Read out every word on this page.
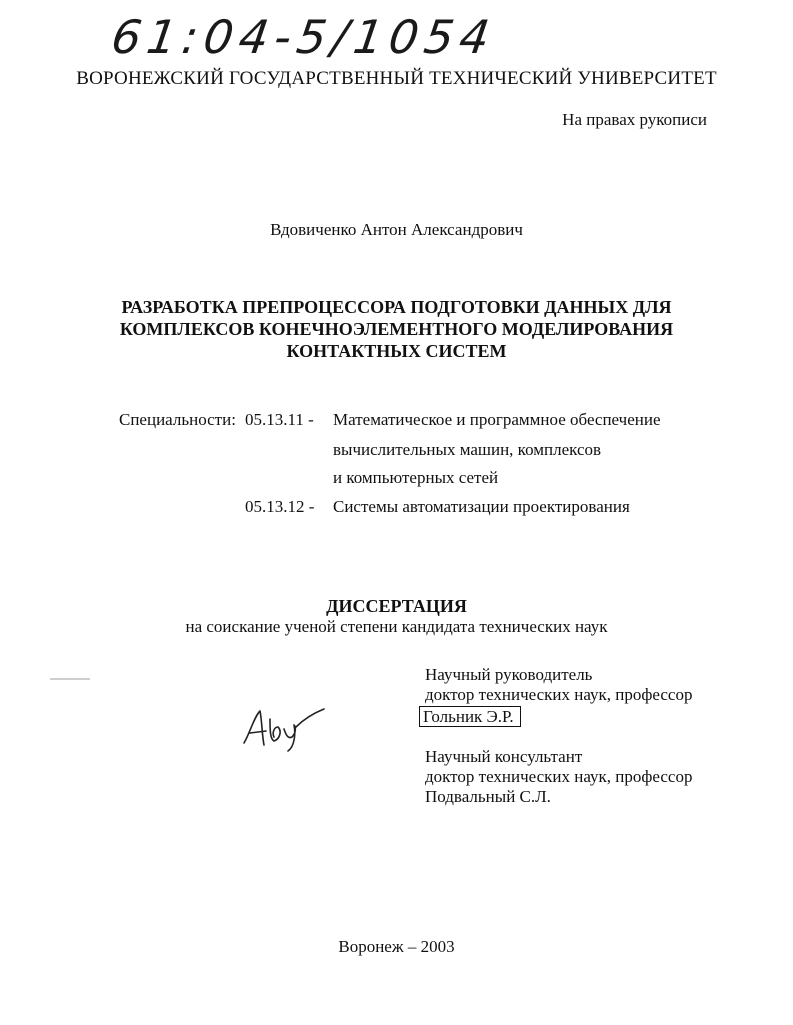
61:04-5/1054
ВОРОНЕЖСКИЙ ГОСУДАРСТВЕННЫЙ ТЕХНИЧЕСКИЙ УНИВЕРСИТЕТ
На правах рукописи
Вдовиченко Антон Александрович
РАЗРАБОТКА ПРЕПРОЦЕССОРА ПОДГОТОВКИ ДАННЫХ ДЛЯ
КОМПЛЕКСОВ КОНЕЧНОЭЛЕМЕНТНОГО МОДЕЛИРОВАНИЯ
КОНТАКТНЫХ СИСТЕМ
Специальности: 05.13.11 - Математическое и программное обеспечение
вычислительных машин, комплексов
и компьютерных сетей
05.13.12 - Системы автоматизации проектирования
ДИССЕРТАЦИЯ
на соискание ученой степени кандидата технических наук
Научный руководитель
доктор технических наук, профессор
Гольник Э.Р.
Научный консультант
доктор технических наук, профессор
Подвальный С.Л.
Воронеж – 2003
